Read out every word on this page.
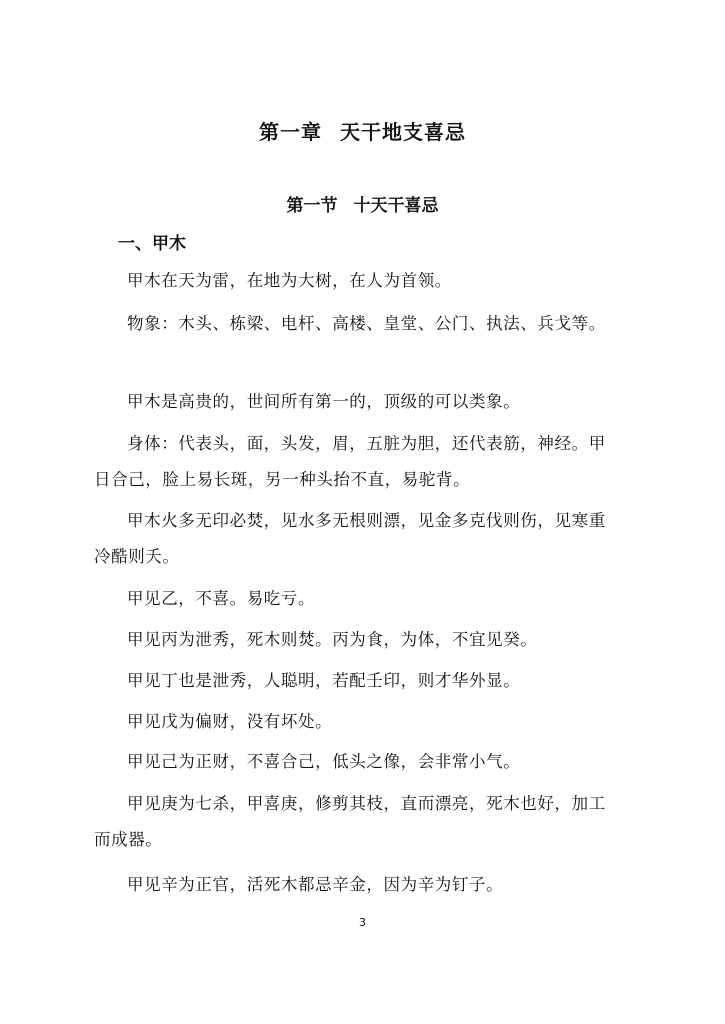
第一章 天干地支喜忌
第一节 十天干喜忌
一、甲木

甲木在天为雷，在地为大树，在人为首领。

物象：木头、栋梁、电杆、高楼、皇堂、公门、执法、兵戈等。

甲木是高贵的，世间所有第一的，顶级的可以类象。

身体：代表头，面，头发，眉，五脏为胆，还代表筋，神经。甲日合己，脸上易长斑，另一种头抬不直，易驼背。

甲木火多无印必焚，见水多无根则漂，见金多克伐则伤，见寒重冷酷则夭。

甲见乙，不喜。易吃亏。

甲见丙为泄秀，死木则焚。丙为食，为体，不宜见癸。

甲见丁也是泄秀，人聪明，若配壬印，则才华外显。

甲见戊为偏财，没有坏处。

甲见己为正财，不喜合己，低头之像，会非常小气。

甲见庚为七杀，甲喜庚，修剪其枝，直而漂亮，死木也好，加工而成器。

甲见辛为正官，活死木都忌辛金，因为辛为钉子。

3
